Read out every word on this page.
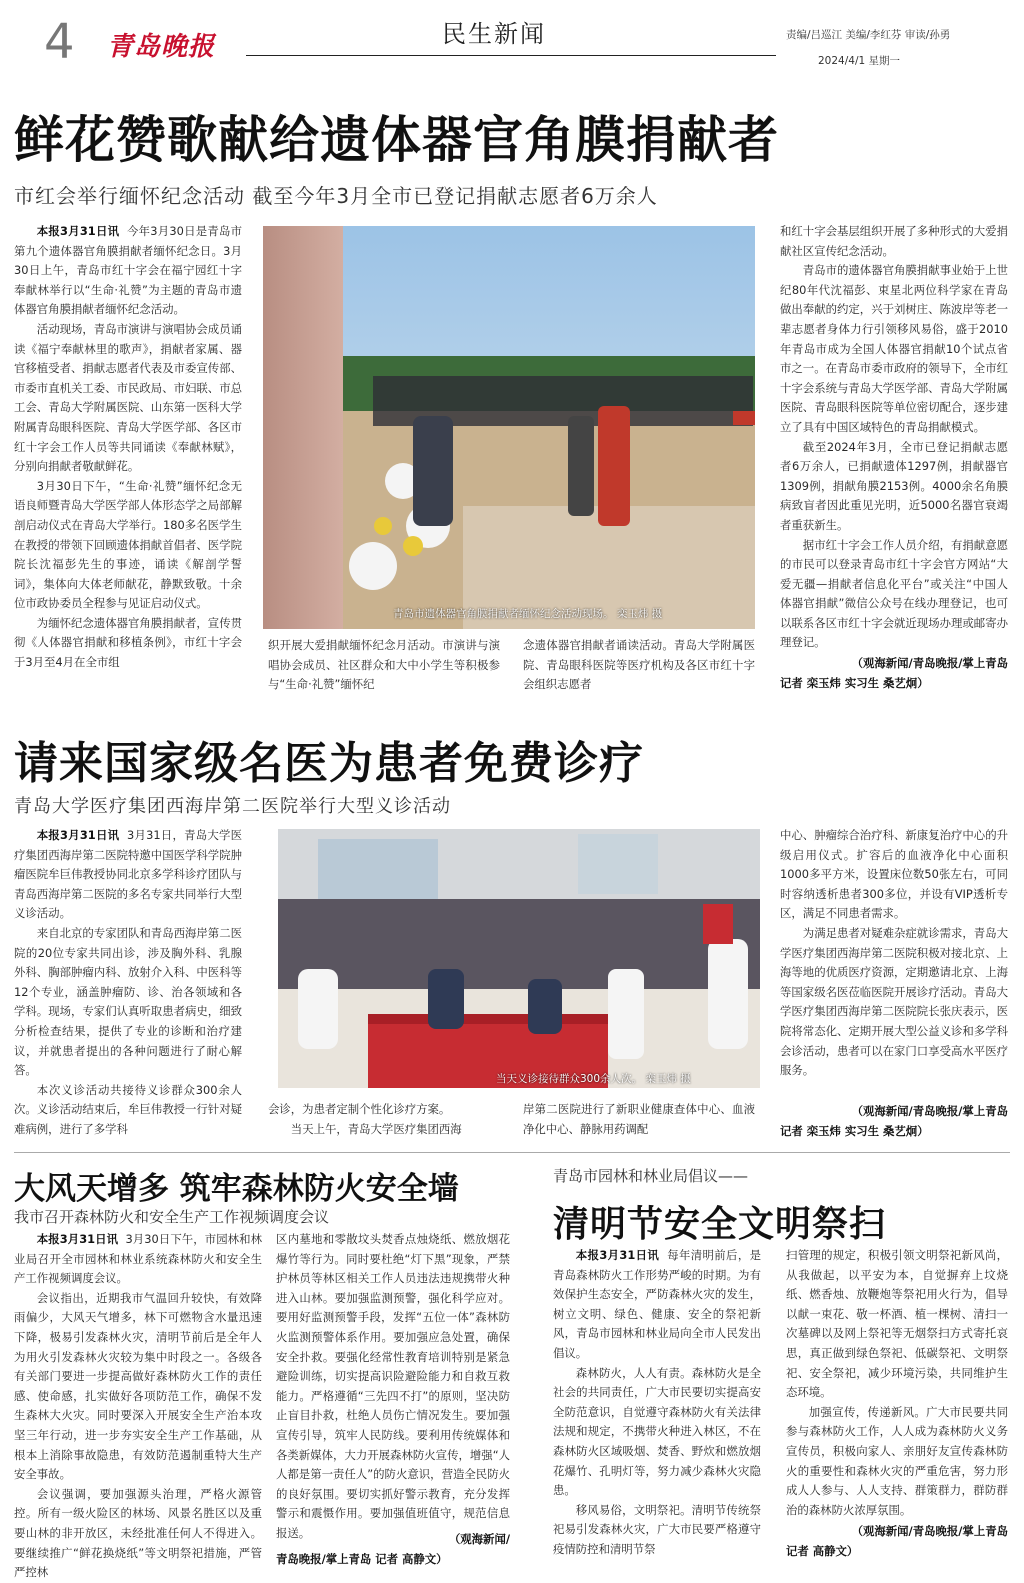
4 青岛晚报	民生新闻	责编/吕巡江 美编/李红芬 审读/孙勇
2024/4/1 星期一
鲜花赞歌献给遗体器官角膜捐献者
市红会举行缅怀纪念活动 截至今年3月全市已登记捐献志愿者6万余人

本报3月31日讯 今年3月30日是青岛市第九个遗体器官角膜捐献者缅怀纪念日。3月30日上午，青岛市红十字会在福宁园红十字奉献林举行以“生命·礼赞”为主题的青岛市遗体器官角膜捐献者缅怀纪念活动。

活动现场，青岛市演讲与演唱协会成员诵读《福宁奉献林里的歌声》，捐献者家属、器官移植受者、捐献志愿者代表及市委宣传部、市委市直机关工委、市民政局、市妇联、市总工会、青岛大学附属医院、山东第一医科大学附属青岛眼科医院、青岛大学医学部、各区市红十字会工作人员等共同诵读《奉献林赋》，分别向捐献者敬献鲜花。

3月30日下午，“生命·礼赞”缅怀纪念无语良师暨青岛大学医学部人体形态学之局部解剖启动仪式在青岛大学举行。180多名医学生在教授的带领下回顾遗体捐献首倡者、医学院院长沈福彭先生的事迹，诵读《解剖学誓词》，集体向大体老师献花，静默致敬。十余位市政协委员全程参与见证启动仪式。

为缅怀纪念遗体器官角膜捐献者，宣传贯彻《人体器官捐献和移植条例》，市红十字会于3月至4月在全市组

青岛市遗体器官角膜捐献者缅怀纪念活动现场。 栾玉炜 摄

织开展大爱捐献缅怀纪念月活动。市演讲与演唱协会成员、社区群众和大中小学生等积极参与“生命·礼赞”缅怀纪

念遗体器官捐献者诵读活动。青岛大学附属医院、青岛眼科医院等医疗机构及各区市红十字会组织志愿者

和红十字会基层组织开展了多种形式的大爱捐献社区宣传纪念活动。

青岛市的遗体器官角膜捐献事业始于上世纪80年代沈福彭、束星北两位科学家在青岛做出奉献的约定，兴于刘树庄、陈波岸等老一辈志愿者身体力行引领移风易俗，盛于2010年青岛市成为全国人体器官捐献10个试点省市之一。在青岛市委市政府的领导下，全市红十字会系统与青岛大学医学部、青岛大学附属医院、青岛眼科医院等单位密切配合，逐步建立了具有中国区域特色的青岛捐献模式。

截至2024年3月，全市已登记捐献志愿者6万余人，已捐献遗体1297例，捐献器官1309例，捐献角膜2153例。4000余名角膜病致盲者因此重见光明，近5000名器官衰竭者重获新生。

据市红十字会工作人员介绍，有捐献意愿的市民可以登录青岛市红十字会官方网站“大爱无疆—捐献者信息化平台”或关注“中国人体器官捐献”微信公众号在线办理登记，也可以联系各区市红十字会就近现场办理或邮寄办理登记。

（观海新闻/青岛晚报/掌上青岛
记者 栾玉炜 实习生 桑艺炯）
请来国家级名医为患者免费诊疗
青岛大学医疗集团西海岸第二医院举行大型义诊活动

本报3月31日讯 3月31日，青岛大学医疗集团西海岸第二医院特邀中国医学科学院肿瘤医院牟巨伟教授协同北京多学科诊疗团队与青岛西海岸第二医院的多名专家共同举行大型义诊活动。

来自北京的专家团队和青岛西海岸第二医院的20位专家共同出诊，涉及胸外科、乳腺外科、胸部肿瘤内科、放射介入科、中医科等12个专业，涵盖肿瘤防、诊、治各领域和各学科。现场，专家们认真听取患者病史，细致分析检查结果，提供了专业的诊断和治疗建议，并就患者提出的各种问题进行了耐心解答。

本次义诊活动共接待义诊群众300余人次。义诊活动结束后，牟巨伟教授一行针对疑难病例，进行了多学科

当天义诊接待群众300余人次。 栾玉炜 摄

会诊，为患者定制个性化诊疗方案。

当天上午，青岛大学医疗集团西海

岸第二医院进行了新职业健康查体中心、血液净化中心、静脉用药调配

中心、肿瘤综合治疗科、新康复治疗中心的升级启用仪式。扩容后的血液净化中心面积1000多平方米，设置床位数50张左右，可同时容纳透析患者300多位，并设有VIP透析专区，满足不同患者需求。

为满足患者对疑难杂症就诊需求，青岛大学医疗集团西海岸第二医院积极对接北京、上海等地的优质医疗资源，定期邀请北京、上海等国家级名医莅临医院开展诊疗活动。青岛大学医疗集团西海岸第二医院院长张庆表示，医院将常态化、定期开展大型公益义诊和多学科会诊活动，患者可以在家门口享受高水平医疗服务。

（观海新闻/青岛晚报/掌上青岛
记者 栾玉炜 实习生 桑艺炯）
大风天增多 筑牢森林防火安全墙
我市召开森林防火和安全生产工作视频调度会议

本报3月31日讯 3月30日下午，市园林和林业局召开全市园林和林业系统森林防火和安全生产工作视频调度会议。

会议指出，近期我市气温回升较快，有效降雨偏少，大风天气增多，林下可燃物含水量迅速下降，极易引发森林火灾，清明节前后是全年人为用火引发森林火灾较为集中时段之一。各级各有关部门要进一步提高做好森林防火工作的责任感、使命感，扎实做好各项防范工作，确保不发生森林大火灾。同时要深入开展安全生产治本攻坚三年行动，进一步夯实安全生产工作基础，从根本上消除事故隐患，有效防范遏制重特大生产安全事故。

会议强调，要加强源头治理，严格火源管控。所有一级火险区的林场、风景名胜区以及重要山林的非开放区，未经批准任何人不得进入。要继续推广“鲜花换烧纸”等文明祭祀措施，严管严控林

区内墓地和零散坟头焚香点烛烧纸、燃放烟花爆竹等行为。同时要杜绝“灯下黑”现象，严禁护林员等林区相关工作人员违法违规携带火种进入山林。要加强监测预警，强化科学应对。要用好监测预警手段，发挥“五位一体”森林防火监测预警体系作用。要加强应急处置，确保安全扑救。要强化经常性教育培训特别是紧急避险训练，切实提高识险避险能力和自救互救能力。严格遵循“三先四不打”的原则，坚决防止盲目扑救，杜绝人员伤亡情况发生。要加强宣传引导，筑牢人民防线。要利用传统媒体和各类新媒体，大力开展森林防火宣传，增强“人人都是第一责任人”的防火意识，营造全民防火的良好氛围。要切实抓好警示教育，充分发挥警示和震慑作用。要加强值班值守，规范信息报送。	（观海新闻/
青岛晚报/掌上青岛 记者 高静文）
青岛市园林和林业局倡议——
清明节安全文明祭扫

本报3月31日讯 每年清明前后，是青岛森林防火工作形势严峻的时期。为有效保护生态安全，严防森林火灾的发生，树立文明、绿色、健康、安全的祭祀新风，青岛市园林和林业局向全市人民发出倡议。

森林防火，人人有责。森林防火是全社会的共同责任，广大市民要切实提高安全防范意识，自觉遵守森林防火有关法律法规和规定，不携带火种进入林区，不在森林防火区域吸烟、焚香、野炊和燃放烟花爆竹、孔明灯等，努力减少森林火灾隐患。

移风易俗，文明祭祀。清明节传统祭祀易引发森林火灾，广大市民要严格遵守疫情防控和清明节祭

扫管理的规定，积极引领文明祭祀新风尚，从我做起，以平安为本，自觉摒弃上坟烧纸、燃香烛、放鞭炮等祭祀用火行为，倡导以献一束花、敬一杯酒、植一棵树、清扫一次墓碑以及网上祭祀等无烟祭扫方式寄托哀思，真正做到绿色祭祀、低碳祭祀、文明祭祀、安全祭祀，减少环境污染，共同维护生态环境。

加强宣传，传递新风。广大市民要共同参与森林防火工作，人人成为森林防火义务宣传员，积极向家人、亲朋好友宣传森林防火的重要性和森林火灾的严重危害，努力形成人人参与、人人支持、群策群力，群防群治的森林防火浓厚氛围。

（观海新闻/青岛晚报/掌上青岛
记者 高静文）
